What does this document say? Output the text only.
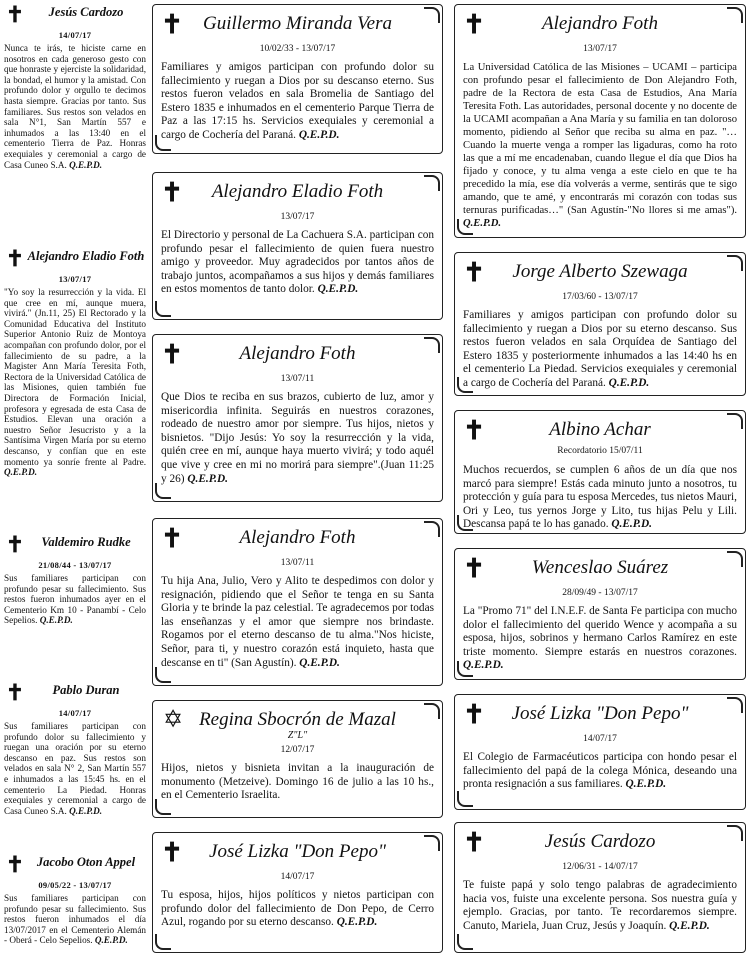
✝	Jesús Cardozo
14/07/17
Nunca te irás, te hiciste carne en nosotros en cada generoso gesto con que honraste y ejerciste la solidaridad, la bondad, el humor y la amistad. Con profundo dolor y orgullo te decimos hasta siempre. Gracias por tanto. Sus familiares. Sus restos son velados en sala N°1, San Martín 557 e inhumados a las 13:40 en el cementerio Tierra de Paz. Honras exequiales y ceremonial a cargo de Casa Cuneo S.A. Q.E.P.D.
✝ Alejandro Eladio Foth
13/07/17
"Yo soy la resurrección y la vida. El que cree en mí, aunque muera, vivirá." (Jn.11, 25) El Rectorado y la Comunidad Educativa del Instituto Superior Antonio Ruiz de Montoya acompañan con profundo dolor, por el fallecimiento de su padre, a la Magister Ann María Teresita Foth, Rectora de la Universidad Católica de las Misiones, quien también fue Directora de Formación Inicial, profesora y egresada de esta Casa de Estudios. Elevan una oración a nuestro Señor Jesucristo y a la Santísima Virgen María por su eterno descanso, y confían que en este momento ya sonríe frente al Padre. Q.E.P.D.
✝	Valdemiro Rudke
21/08/44 - 13/07/17
Sus familiares participan con profundo pesar su fallecimiento. Sus restos fueron inhumados ayer en el Cementerio Km 10 - Panambí - Celo Sepelios. Q.E.P.D.
✝	Pablo Duran
14/07/17
Sus familiares participan con profundo dolor su fallecimiento y ruegan una oración por su eterno descanso en paz. Sus restos son velados en sala N° 2, San Martín 557 e inhumados a las 15:45 hs. en el cementerio La Piedad. Honras exequiales y ceremonial a cargo de Casa Cuneo S.A. Q.E.P.D.
✝	Jacobo Oton Appel
09/05/22 - 13/07/17
Sus familiares participan con profundo pesar su fallecimiento. Sus restos fueron inhumados el día 13/07/2017 en el Cementerio Alemán - Oberá - Celo Sepelios. Q.E.P.D.
✝	Guillermo Miranda Vera
10/02/33 - 13/07/17
Familiares y amigos participan con profundo dolor su fallecimiento y ruegan a Dios por su descanso eterno. Sus restos fueron velados en sala Bromelia de Santiago del Estero 1835 e inhumados en el cementerio Parque Tierra de Paz a las 17:15 hs. Servicios exequiales y ceremonial a cargo de Cochería del Paraná. Q.E.P.D.
✝	Alejandro Eladio Foth
13/07/17
El Directorio y personal de La Cachuera S.A. participan con profundo pesar el fallecimiento de quien fuera nuestro amigo y proveedor. Muy agradecidos por tantos años de trabajo juntos, acompañamos a sus hijos y demás familiares en estos momentos de tanto dolor. Q.E.P.D.
✝	Alejandro Foth
13/07/11
Que Dios te reciba en sus brazos, cubierto de luz, amor y misericordia infinita. Seguirás en nuestros corazones, rodeado de nuestro amor por siempre. Tus hijos, nietos y bisnietos. "Dijo Jesús: Yo soy la resurrección y la vida, quién cree en mí, aunque haya muerto vivirá; y todo aquél que vive y cree en mi no morirá para siempre".(Juan 11:25 y 26) Q.E.P.D.
✝	Alejandro Foth
13/07/11
Tu hija Ana, Julio, Vero y Alito te despedimos con dolor y resignación, pidiendo que el Señor te tenga en su Santa Gloria y te brinde la paz celestial. Te agradecemos por todas las enseñanzas y el amor que siempre nos brindaste. Rogamos por el eterno descanso de tu alma."Nos hiciste, Señor, para ti, y nuestro corazón está inquieto, hasta que descanse en ti" (San Agustín). Q.E.P.D.
✡ Regina Sbocrón de Mazal
Z"L"
12/07/17
Hijos, nietos y bisnieta invitan a la inauguración de monumento (Metzeive). Domingo 16 de julio a las 10 hs., en el Cementerio Israelita.
✝	José Lizka "Don Pepo"
14/07/17
Tu esposa, hijos, hijos políticos y nietos participan con profundo dolor del fallecimiento de Don Pepo, de Cerro Azul, rogando por su eterno descanso. Q.E.P.D.
✝	Alejandro Foth
13/07/17
La Universidad Católica de las Misiones – UCAMI – participa con profundo pesar el fallecimiento de Don Alejandro Foth, padre de la Rectora de esta Casa de Estudios, Ana María Teresita Foth. Las autoridades, personal docente y no docente de la UCAMI acompañan a Ana María y su familia en tan doloroso momento, pidiendo al Señor que reciba su alma en paz. "…Cuando la muerte venga a romper las ligaduras, como ha roto las que a mí me encadenaban, cuando llegue el día que Dios ha fijado y conoce, y tu alma venga a este cielo en que te ha precedido la mía, ese día volverás a verme, sentirás que te sigo amando, que te amé, y encontrarás mi corazón con todas sus ternuras purificadas…" (San Agustín-"No llores si me amas"). Q.E.P.D.
✝	Jorge Alberto Szewaga
17/03/60 - 13/07/17
Familiares y amigos participan con profundo dolor su fallecimiento y ruegan a Dios por su eterno descanso. Sus restos fueron velados en sala Orquídea de Santiago del Estero 1835 y posteriormente inhumados a las 14:40 hs en el cementerio La Piedad. Servicios exequiales y ceremonial a cargo de Cochería del Paraná. Q.E.P.D.
✝	Albino Achar
Recordatorio 15/07/11
Muchos recuerdos, se cumplen 6 años de un día que nos marcó para siempre! Estás cada minuto junto a nosotros, tu protección y guía para tu esposa Mercedes, tus nietos Mauri, Ori y Leo, tus yernos Jorge y Lito, tus hijas Pelu y Lili. Descansa papá te lo has ganado. Q.E.P.D.
✝	Wenceslao Suárez
28/09/49 - 13/07/17
La "Promo 71" del I.N.E.F. de Santa Fe participa con mucho dolor el fallecimiento del querido Wence y acompaña a su esposa, hijos, sobrinos y hermano Carlos Ramírez en este triste momento. Siempre estarás en nuestros corazones. Q.E.P.D.
✝	José Lizka "Don Pepo"
14/07/17
El Colegio de Farmacéuticos participa con hondo pesar el fallecimiento del papá de la colega Mónica, deseando una pronta resignación a sus familiares. Q.E.P.D.
✝	Jesús Cardozo
12/06/31 - 14/07/17
Te fuiste papá y solo tengo palabras de agradecimiento hacia vos, fuiste una excelente persona. Sos nuestra guía y ejemplo. Gracias, por tanto. Te recordaremos siempre. Canuto, Mariela, Juan Cruz, Jesús y Joaquín. Q.E.P.D.
